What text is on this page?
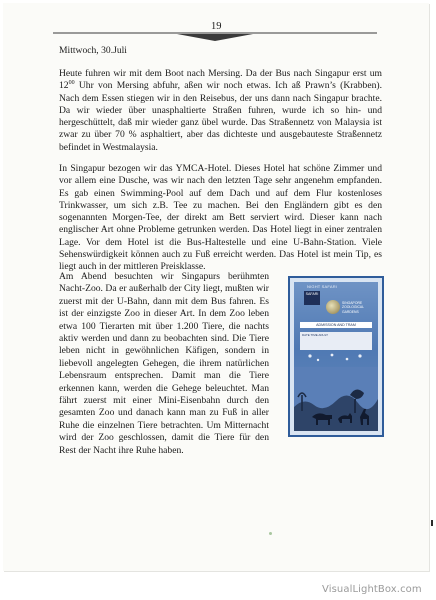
19

Mittwoch, 30.Juli

Heute fuhren wir mit dem Boot nach Mersing. Da der Bus nach Singapur erst um $12^{00}$ Uhr von Mersing abfuhr, aßen wir noch etwas. Ich aß Prawn’s (Krabben). Nach dem Essen stiegen wir in den Reisebus, der uns dann nach Singapur brachte. Da wir wieder über unasphaltierte Straßen fuhren, wurde ich so hin- und hergeschüttelt, daß mir wieder ganz übel wurde. Das Straßennetz von Malaysia ist zwar zu über 70 % asphaltiert, aber das dichteste und ausgebauteste Straßennetz befindet in Westmalaysia.

In Singapur bezogen wir das YMCA-Hotel. Dieses Hotel hat schöne Zimmer und vor allem eine Dusche, was wir nach den letzten Tage sehr angenehm empfanden. Es gab einen Swimming-Pool auf dem Dach und auf dem Flur kostenloses Trinkwasser, um sich z.B. Tee zu machen. Bei den Engländern gibt es den sogenannten Morgen-Tee, der direkt am Bett serviert wird. Dieser kann nach englischer Art ohne Probleme getrunken werden. Das Hotel liegt in einer zentralen Lage. Vor dem Hotel ist die Bus-Haltestelle und eine U-Bahn-Station. Viele Sehenswürdigkeit können auch zu Fuß erreicht werden. Das Hotel ist mein Tip, es liegt auch in der mittleren Preisklasse.

Am Abend besuchten wir Singapurs berühmten Nacht-Zoo. Da er außerhalb der City liegt, mußten wir zuerst mit der U-Bahn, dann mit dem Bus fahren. Es ist der einzigste Zoo in dieser Art. In dem Zoo leben etwa 100 Tierarten mit über 1.200 Tiere, die nachts aktiv werden und dann zu beobachten sind. Die Tiere leben nicht in gewöhnlichen Käfigen, sondern in liebevoll angelegten Gehegen, die ihrem natürlichen Lebensraum entsprechen. Damit man die Tiere erkennen kann, werden die Gehege beleuchtet. Man fährt zuerst mit einer Mini-Eisenbahn durch den gesamten Zoo und danach kann man zu Fuß in aller Ruhe die einzelnen Tiere betrachten. Um Mitternacht wird der Zoo geschlossen, damit die Tiere für den Rest der Nacht ihre Ruhe haben.

NIGHT SAFARI
SAFARI
SINGAPORE ZOOLOGICAL GARDENS
ADMISSION AND TRAM
DATE TIME ADULT
VisualLightBox.com
